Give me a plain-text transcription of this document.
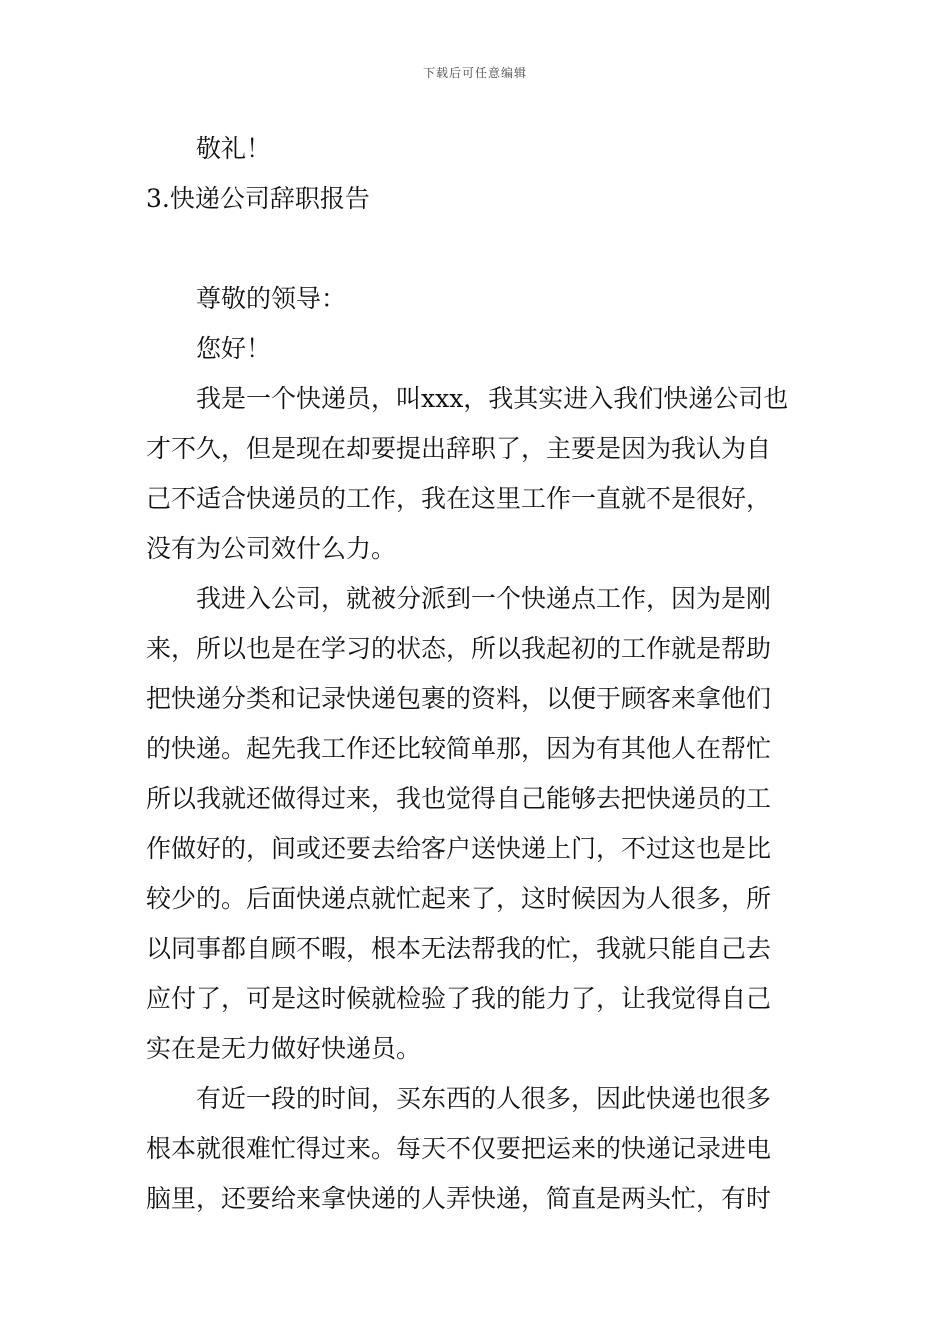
下载后可任意编辑
敬礼！
3.快递公司辞职报告
尊敬的领导：
您好！
我是一个快递员，叫xxx，我其实进入我们快递公司也
才不久，但是现在却要提出辞职了，主要是因为我认为自
己不适合快递员的工作，我在这里工作一直就不是很好，
没有为公司效什么力。
我进入公司，就被分派到一个快递点工作，因为是刚
来，所以也是在学习的状态，所以我起初的工作就是帮助
把快递分类和记录快递包裹的资料，以便于顾客来拿他们
的快递。起先我工作还比较简单那，因为有其他人在帮忙
所以我就还做得过来，我也觉得自己能够去把快递员的工
作做好的，间或还要去给客户送快递上门，不过这也是比
较少的。后面快递点就忙起来了，这时候因为人很多，所
以同事都自顾不暇，根本无法帮我的忙，我就只能自己去
应付了，可是这时候就检验了我的能力了，让我觉得自己
实在是无力做好快递员。
有近一段的时间，买东西的人很多，因此快递也很多
根本就很难忙得过来。每天不仅要把运来的快递记录进电
脑里，还要给来拿快递的人弄快递，简直是两头忙，有时
